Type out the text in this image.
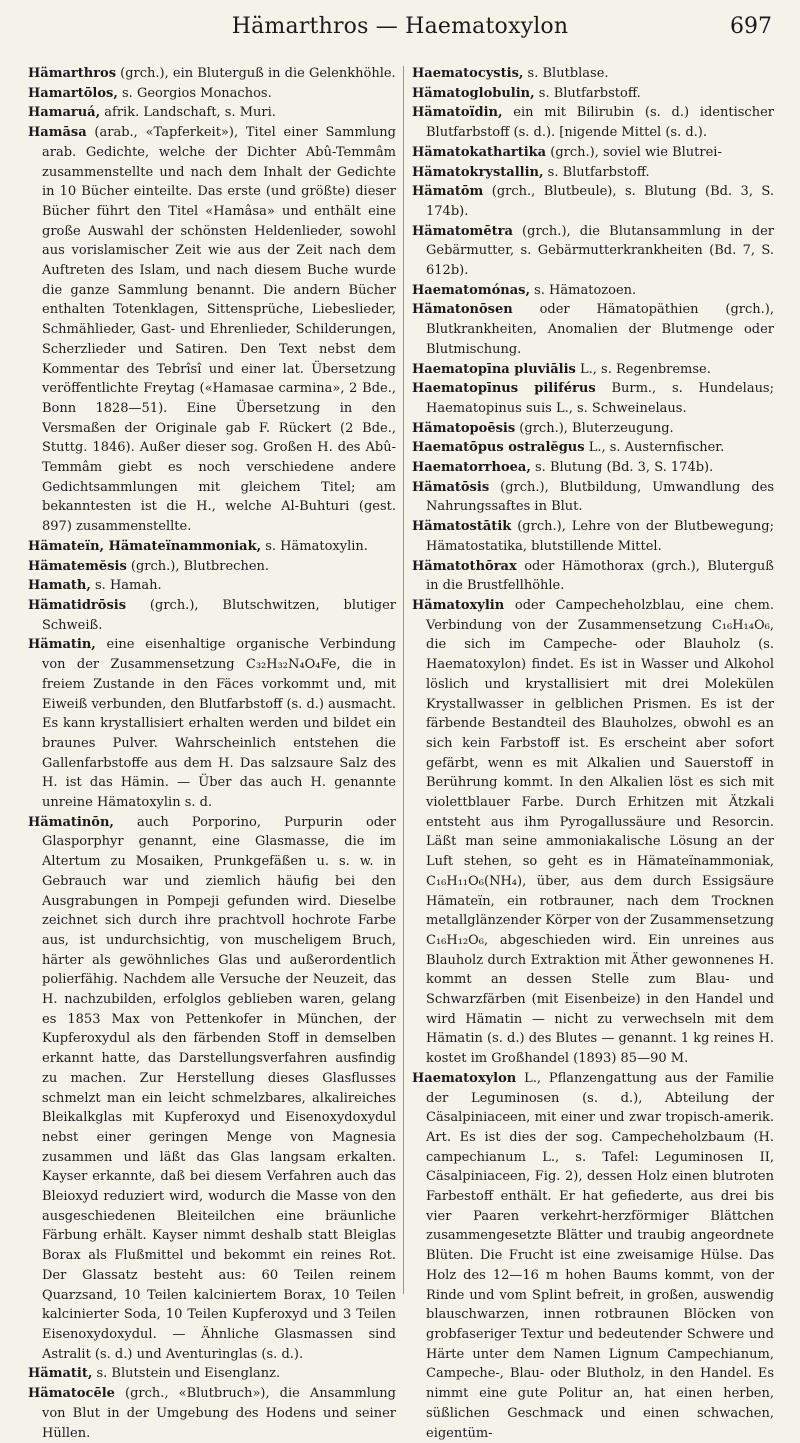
Hämarthros — Haematoxylon	697

Hämarthros (grch.), ein Bluterguß in die Gelenkhöhle.

Hamartōlos, s. Georgios Monachos.

Hamaruá, afrik. Landschaft, s. Muri.

Hamāsa (arab., «Tapferkeit»), Titel einer Sammlung arab. Gedichte, welche der Dichter Abû-Temmâm zusammenstellte und nach dem Inhalt der Gedichte in 10 Bücher einteilte. Das erste (und größte) dieser Bücher führt den Titel «Hamâsa» und enthält eine große Auswahl der schönsten Heldenlieder, sowohl aus vorislamischer Zeit wie aus der Zeit nach dem Auftreten des Islam, und nach diesem Buche wurde die ganze Sammlung benannt. Die andern Bücher enthalten Totenklagen, Sittensprüche, Liebeslieder, Schmählieder, Gast- und Ehrenlieder, Schilderungen, Scherzlieder und Satiren. Den Text nebst dem Kommentar des Tebrîsî und einer lat. Übersetzung veröffentlichte Freytag («Hamasae carmina», 2 Bde., Bonn 1828—51). Eine Übersetzung in den Versmaßen der Originale gab F. Rückert (2 Bde., Stuttg. 1846). Außer dieser sog. Großen H. des Abû-Temmâm giebt es noch verschiedene andere Gedichtsammlungen mit gleichem Titel; am bekanntesten ist die H., welche Al-Buhturi (gest. 897) zusammenstellte.

Hämateïn, Hämateïnammoniak, s. Hämatoxylin.

Hämatemĕsis (grch.), Blutbrechen.

Hamath, s. Hamah.

Hämatidrōsis (grch.), Blutschwitzen, blutiger Schweiß.

Hämatin, eine eisenhaltige organische Verbindung von der Zusammensetzung C₃₂H₃₂N₄O₄Fe, die in freiem Zustande in den Fäces vorkommt und, mit Eiweiß verbunden, den Blutfarbstoff (s. d.) ausmacht. Es kann krystallisiert erhalten werden und bildet ein braunes Pulver. Wahrscheinlich entstehen die Gallenfarbstoffe aus dem H. Das salzsaure Salz des H. ist das Hämin. — Über das auch H. genannte unreine Hämatoxylin s. d.

Hämatinōn, auch Porporino, Purpurin oder Glasporphyr genannt, eine Glasmasse, die im Altertum zu Mosaiken, Prunkgefäßen u. s. w. in Gebrauch war und ziemlich häufig bei den Ausgrabungen in Pompeji gefunden wird. Dieselbe zeichnet sich durch ihre prachtvoll hochrote Farbe aus, ist undurchsichtig, von muscheligem Bruch, härter als gewöhnliches Glas und außerordentlich polierfähig. Nachdem alle Versuche der Neuzeit, das H. nachzubilden, erfolglos geblieben waren, gelang es 1853 Max von Pettenkofer in München, der Kupferoxydul als den färbenden Stoff in demselben erkannt hatte, das Darstellungsverfahren ausfindig zu machen. Zur Herstellung dieses Glasflusses schmelzt man ein leicht schmelzbares, alkalireiches Bleikalkglas mit Kupferoxyd und Eisenoxydoxydul nebst einer geringen Menge von Magnesia zusammen und läßt das Glas langsam erkalten. Kayser erkannte, daß bei diesem Verfahren auch das Bleioxyd reduziert wird, wodurch die Masse von den ausgeschiedenen Bleiteilchen eine bräunliche Färbung erhält. Kayser nimmt deshalb statt Bleiglas Borax als Flußmittel und bekommt ein reines Rot. Der Glassatz besteht aus: 60 Teilen reinem Quarzsand, 10 Teilen kalciniertem Borax, 10 Teilen kalcinierter Soda, 10 Teilen Kupferoxyd und 3 Teilen Eisenoxydoxydul. — Ähnliche Glasmassen sind Astralit (s. d.) und Aventuringlas (s. d.).

Hämatit, s. Blutstein und Eisenglanz.

Hämatocēle (grch., «Blutbruch»), die Ansammlung von Blut in der Umgebung des Hodens und seiner Hüllen.

Haematocystis, s. Blutblase.

Hämatoglobulin, s. Blutfarbstoff.

Hämatoïdin, ein mit Bilirubin (s. d.) identischer Blutfarbstoff (s. d.). [nigende Mittel (s. d.).

Hämatokathartika (grch.), soviel wie Blutrei-

Hämatokrystallin, s. Blutfarbstoff.

Hämatōm (grch., Blutbeule), s. Blutung (Bd. 3, S. 174b).

Hämatomētra (grch.), die Blutansammlung in der Gebärmutter, s. Gebärmutterkrankheiten (Bd. 7, S. 612b).

Haematomónas, s. Hämatozoen.

Hämatonōsen oder Hämatopäthien (grch.), Blutkrankheiten, Anomalien der Blutmenge oder Blutmischung.

Haematopīna pluviālis L., s. Regenbremse.

Haematopīnus piliférus Burm., s. Hundelaus; Haematopinus suis L., s. Schweinelaus.

Hämatopoēsis (grch.), Bluterzeugung.

Haematōpus ostralĕgus L., s. Austernfischer.

Haematorrhoea, s. Blutung (Bd. 3, S. 174b).

Hämatōsis (grch.), Blutbildung, Umwandlung des Nahrungssaftes in Blut.

Hämatostātik (grch.), Lehre von der Blutbewegung; Hämatostatika, blutstillende Mittel.

Hämatothōrax oder Hämothorax (grch.), Bluterguß in die Brustfellhöhle.

Hämatoxylin oder Campecheholzblau, eine chem. Verbindung von der Zusammensetzung C₁₆H₁₄O₆, die sich im Campeche- oder Blauholz (s. Haematoxylon) findet. Es ist in Wasser und Alkohol löslich und krystallisiert mit drei Molekülen Krystallwasser in gelblichen Prismen. Es ist der färbende Bestandteil des Blauholzes, obwohl es an sich kein Farbstoff ist. Es erscheint aber sofort gefärbt, wenn es mit Alkalien und Sauerstoff in Berührung kommt. In den Alkalien löst es sich mit violettblauer Farbe. Durch Erhitzen mit Ätzkali entsteht aus ihm Pyrogallussäure und Resorcin. Läßt man seine ammoniakalische Lösung an der Luft stehen, so geht es in Hämateïnammoniak, C₁₆H₁₁O₆(NH₄), über, aus dem durch Essigsäure Hämateïn, ein rotbrauner, nach dem Trocknen metallglänzender Körper von der Zusammensetzung C₁₆H₁₂O₆, abgeschieden wird. Ein unreines aus Blauholz durch Extraktion mit Äther gewonnenes H. kommt an dessen Stelle zum Blau- und Schwarzfärben (mit Eisenbeize) in den Handel und wird Hämatin — nicht zu verwechseln mit dem Hämatin (s. d.) des Blutes — genannt. 1 kg reines H. kostet im Großhandel (1893) 85—90 M.

Haematoxylon L., Pflanzengattung aus der Familie der Leguminosen (s. d.), Abteilung der Cäsalpiniaceen, mit einer und zwar tropisch-amerik. Art. Es ist dies der sog. Campecheholzbaum (H. campechianum L., s. Tafel: Leguminosen II, Cäsalpiniaceen, Fig. 2), dessen Holz einen blutroten Farbestoff enthält. Er hat gefiederte, aus drei bis vier Paaren verkehrt-herzförmiger Blättchen zusammengesetzte Blätter und traubig angeordnete Blüten. Die Frucht ist eine zweisamige Hülse. Das Holz des 12—16 m hohen Baums kommt, von der Rinde und vom Splint befreit, in großen, auswendig blauschwarzen, innen rotbraunen Blöcken von grobfaseriger Textur und bedeutender Schwere und Härte unter dem Namen Lignum Campechianum, Campeche-, Blau- oder Blutholz, in den Handel. Es nimmt eine gute Politur an, hat einen herben, süßlichen Geschmack und einen schwachen, eigentüm-
